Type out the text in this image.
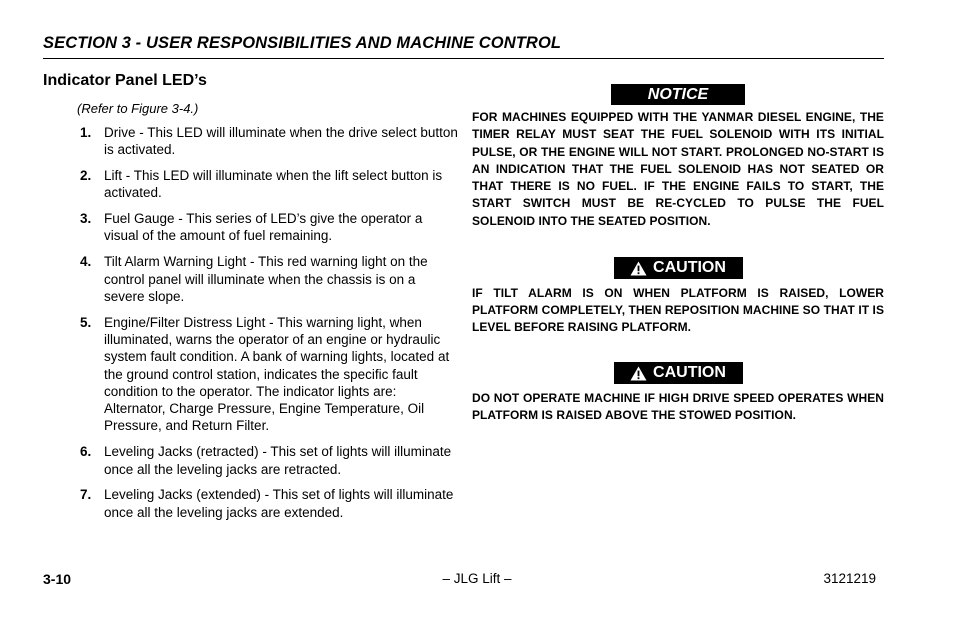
SECTION 3 - USER RESPONSIBILITIES AND MACHINE CONTROL
Indicator Panel LED’s
(Refer to Figure 3-4.)
1. Drive - This LED will illuminate when the drive select button is activated.
2. Lift - This LED will illuminate when the lift select button is activated.
3. Fuel Gauge - This series of LED’s give the operator a visual of the amount of fuel remaining.
4. Tilt Alarm Warning Light - This red warning light on the control panel will illuminate when the chassis is on a severe slope.
5. Engine/Filter Distress Light - This warning light, when illuminated, warns the operator of an engine or hydraulic system fault condition. A bank of warning lights, located at the ground control station, indicates the specific fault condition to the operator. The indicator lights are: Alternator, Charge Pressure, Engine Temperature, Oil Pressure, and Return Filter.
6. Leveling Jacks (retracted) - This set of lights will illuminate once all the leveling jacks are retracted.
7. Leveling Jacks (extended) - This set of lights will illuminate once all the leveling jacks are extended.
NOTICE

FOR MACHINES EQUIPPED WITH THE YANMAR DIESEL ENGINE, THE TIMER RELAY MUST SEAT THE FUEL SOLENOID WITH ITS INITIAL PULSE, OR THE ENGINE WILL NOT START. PROLONGED NO-START IS AN INDICATION THAT THE FUEL SOLENOID HAS NOT SEATED OR THAT THERE IS NO FUEL. IF THE ENGINE FAILS TO START, THE START SWITCH MUST BE RE-CYCLED TO PULSE THE FUEL SOLENOID INTO THE SEATED POSITION.

CAUTION

IF TILT ALARM IS ON WHEN PLATFORM IS RAISED, LOWER PLATFORM COMPLETELY, THEN REPOSITION MACHINE SO THAT IT IS LEVEL BEFORE RAISING PLATFORM.

CAUTION

DO NOT OPERATE MACHINE IF HIGH DRIVE SPEED OPERATES WHEN PLATFORM IS RAISED ABOVE THE STOWED POSITION.

– JLG Lift –
3-10	3121219
